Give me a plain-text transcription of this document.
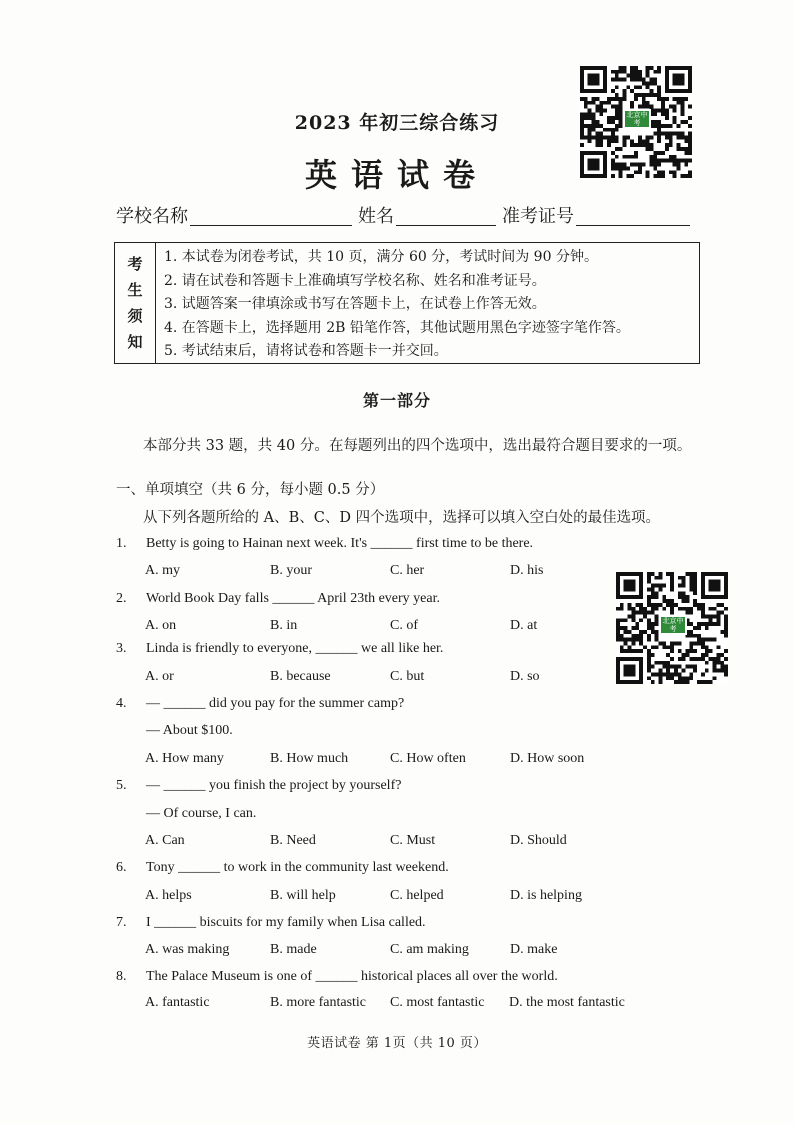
2023 年初三综合练习
英语试卷
北京中考
学校名称	姓名	准考证号
考
生
须
知
1. 本试卷为闭卷考试，共 10 页，满分 60 分，考试时间为 90 分钟。
2. 请在试卷和答题卡上准确填写学校名称、姓名和准考证号。
3. 试题答案一律填涂或书写在答题卡上，在试卷上作答无效。
4. 在答题卡上，选择题用 2B 铅笔作答，其他试题用黑色字迹签字笔作答。
5. 考试结束后，请将试卷和答题卡一并交回。
第一部分
本部分共 33 题，共 40 分。在每题列出的四个选项中，选出最符合题目要求的一项。
一、单项填空（共 6 分，每小题 0.5 分）
从下列各题所给的 A、B、C、D 四个选项中，选择可以填入空白处的最佳选项。
1.	Betty is going to Hainan next week. It's ______ first time to be there.
A. my	B. your	C. her	D. his
2.	World Book Day falls ______ April 23th every year.
A. on	B. in	C. of	D. at
3.	Linda is friendly to everyone, ______ we all like her.
A. or	B. because	C. but	D. so
4.	— ______ did you pay for the summer camp?
— About $100.
A. How many	B. How much	C. How often	D. How soon
5.	— ______ you finish the project by yourself?
— Of course, I can.
A. Can	B. Need	C. Must	D. Should
6.	Tony ______ to work in the community last weekend.
A. helps	B. will help	C. helped	D. is helping
7.	I ______ biscuits for my family when Lisa called.
A. was making	B. made	C. am making	D. make
8.	The Palace Museum is one of ______ historical places all over the world.
A. fantastic	B. more fantastic C. most fantastic D. the most fantastic
北京中考
英语试卷 第 1页（共 10 页）
